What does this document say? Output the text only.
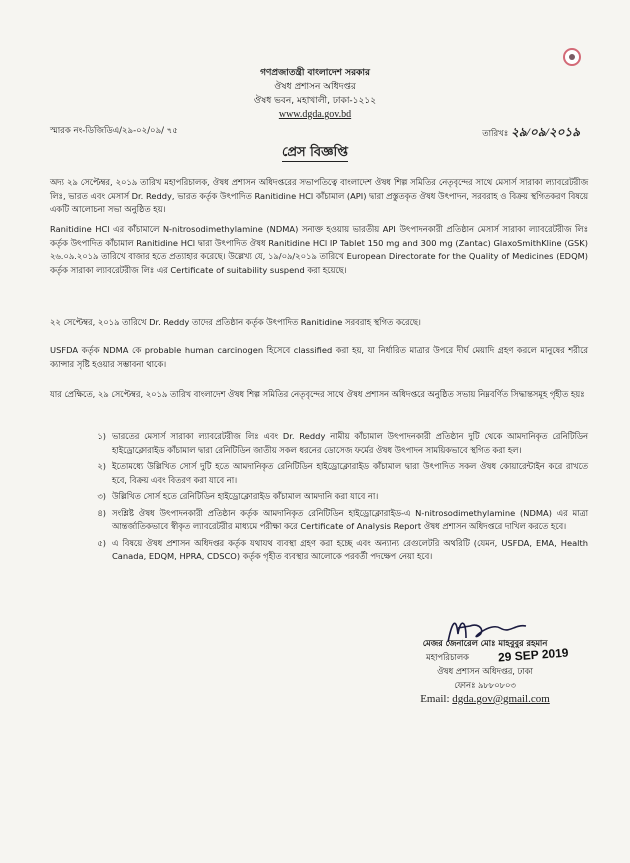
গণপ্রজাতন্ত্রী বাংলাদেশ সরকার
ঔষধ প্রশাসন অধিদপ্তর
ঔষধ ভবন, মহাখালী, ঢাকা-১২১২
www.dgda.gov.bd
স্মারক নং-ডিজিডিএ/২৯-০২/০৯/ ৭৫	তারিখঃ ২৯/০৯/২০১৯
প্রেস বিজ্ঞপ্তি
অদ্য ২৯ সেপ্টেম্বর, ২০১৯ তারিখ মহাপরিচালক, ঔষধ প্রশাসন অধিদপ্তরের সভাপতিত্বে বাংলাদেশ ঔষধ শিল্প সমিতির নেতৃবৃন্দের সাথে মেসার্স সারাকা ল্যাবরেটরীজ লিঃ, ভারত এবং মেসার্স Dr. Reddy, ভারত কর্তৃক উৎপাদিত Ranitidine HCl কাঁচামাল (API) দ্বারা প্রস্তুতকৃত ঔষধ উৎপাদন, সরবরাহ ও বিক্রয় স্থগিতকরণ বিষয়ে একটি আলোচনা সভা অনুষ্ঠিত হয়।
Ranitidine HCl এর কাঁচামালে N-nitrosodimethylamine (NDMA) সনাক্ত হওয়ায় ভারতীয় API উৎপাদনকারী প্রতিষ্ঠান মেসার্স সারাকা ল্যাবরেটরীজ লিঃ কর্তৃক উৎপাদিত কাঁচামাল Ranitidine HCl দ্বারা উৎপাদিত ঔষধ Ranitidine HCl IP Tablet 150 mg and 300 mg (Zantac) GlaxoSmithKline (GSK) ২৬.০৯.২০১৯ তারিখে বাজার হতে প্রত্যাহার করেছে। উল্লেখ্য যে, ১৯/০৯/২০১৯ তারিখে European Directorate for the Quality of Medicines (EDQM) কর্তৃক সারাকা ল্যাবরেটরীজ লিঃ এর Certificate of suitability suspend করা হয়েছে।
২২ সেপ্টেম্বর, ২০১৯ তারিখে Dr. Reddy তাদের প্রতিষ্ঠান কর্তৃক উৎপাদিত Ranitidine সরবরাহ স্থগিত করেছে।
USFDA কর্তৃক NDMA কে probable human carcinogen হিসেবে classified করা হয়, যা নির্ধারিত মাত্রার উপরে দীর্ঘ মেয়াদি গ্রহণ করলে মানুষের শরীরে ক্যান্সার সৃষ্টি হওয়ার সম্ভাবনা থাকে।
যার প্রেক্ষিতে, ২৯ সেপ্টেম্বর, ২০১৯ তারিখ বাংলাদেশ ঔষধ শিল্প সমিতির নেতৃবৃন্দের সাথে ঔষধ প্রশাসন অধিদপ্তরে অনুষ্ঠিত সভায় নিম্নবর্ণিত সিদ্ধান্তসমূহ গৃহীত হয়ঃ
১) ভারতের মেসার্স সারাকা ল্যাবরেটরীজ লিঃ এবং Dr. Reddy নামীয় কাঁচামাল উৎপাদনকারী প্রতিষ্ঠান দুটি থেকে আমদানিকৃত রেনিটিডিন হাইড্রোক্লোরাইড কাঁচামাল দ্বারা রেনিটিডিন জাতীয় সকল ধরনের ডোসেজ ফর্মের ঔষধ উৎপাদন সাময়িকভাবে স্থগিত করা হল।
২) ইতোমধ্যে উল্লিখিত সোর্স দুটি হতে আমদানিকৃত রেনিটিডিন হাইড্রোক্লোরাইড কাঁচামাল দ্বারা উৎপাদিত সকল ঔষধ কোয়ারেন্টাইন করে রাখতে হবে, বিক্রয় এবং বিতরণ করা যাবে না।
৩) উল্লিখিত সোর্স হতে রেনিটিডিন হাইড্রোক্লোরাইড কাঁচামাল আমদানি করা যাবে না।
৪) সংশ্লিষ্ট ঔষধ উৎপাদনকারী প্রতিষ্ঠান কর্তৃক আমদানিকৃত রেনিটিডিন হাইড্রোক্লোরাইড-এ N-nitrosodimethylamine (NDMA) এর মাত্রা আন্তর্জাতিকভাবে স্বীকৃত ল্যাবরেটরীর মাধ্যমে পরীক্ষা করে Certificate of Analysis Report ঔষধ প্রশাসন অধিদপ্তরে দাখিল করতে হবে।
৫) এ বিষয়ে ঔষধ প্রশাসন অধিদপ্তর কর্তৃক যথাযথ ব্যবস্থা গ্রহণ করা হচ্ছে এবং অন্যান্য রেগুলেটরি অথরিটি (যেমন, USFDA, EMA, Health Canada, EDQM, HPRA, CDSCO) কর্তৃক গৃহীত ব্যবস্থার আলোকে পরবর্তী পদক্ষেপ নেয়া হবে।
29 SEP 2019
মেজর জেনারেল মোঃ মাহবুবুর রহমান
মহাপরিচালক
ঔষধ প্রশাসন অধিদপ্তর, ঢাকা
ফোনঃ ৯৮৮০৮০৩
Email: dgda.gov@gmail.com
